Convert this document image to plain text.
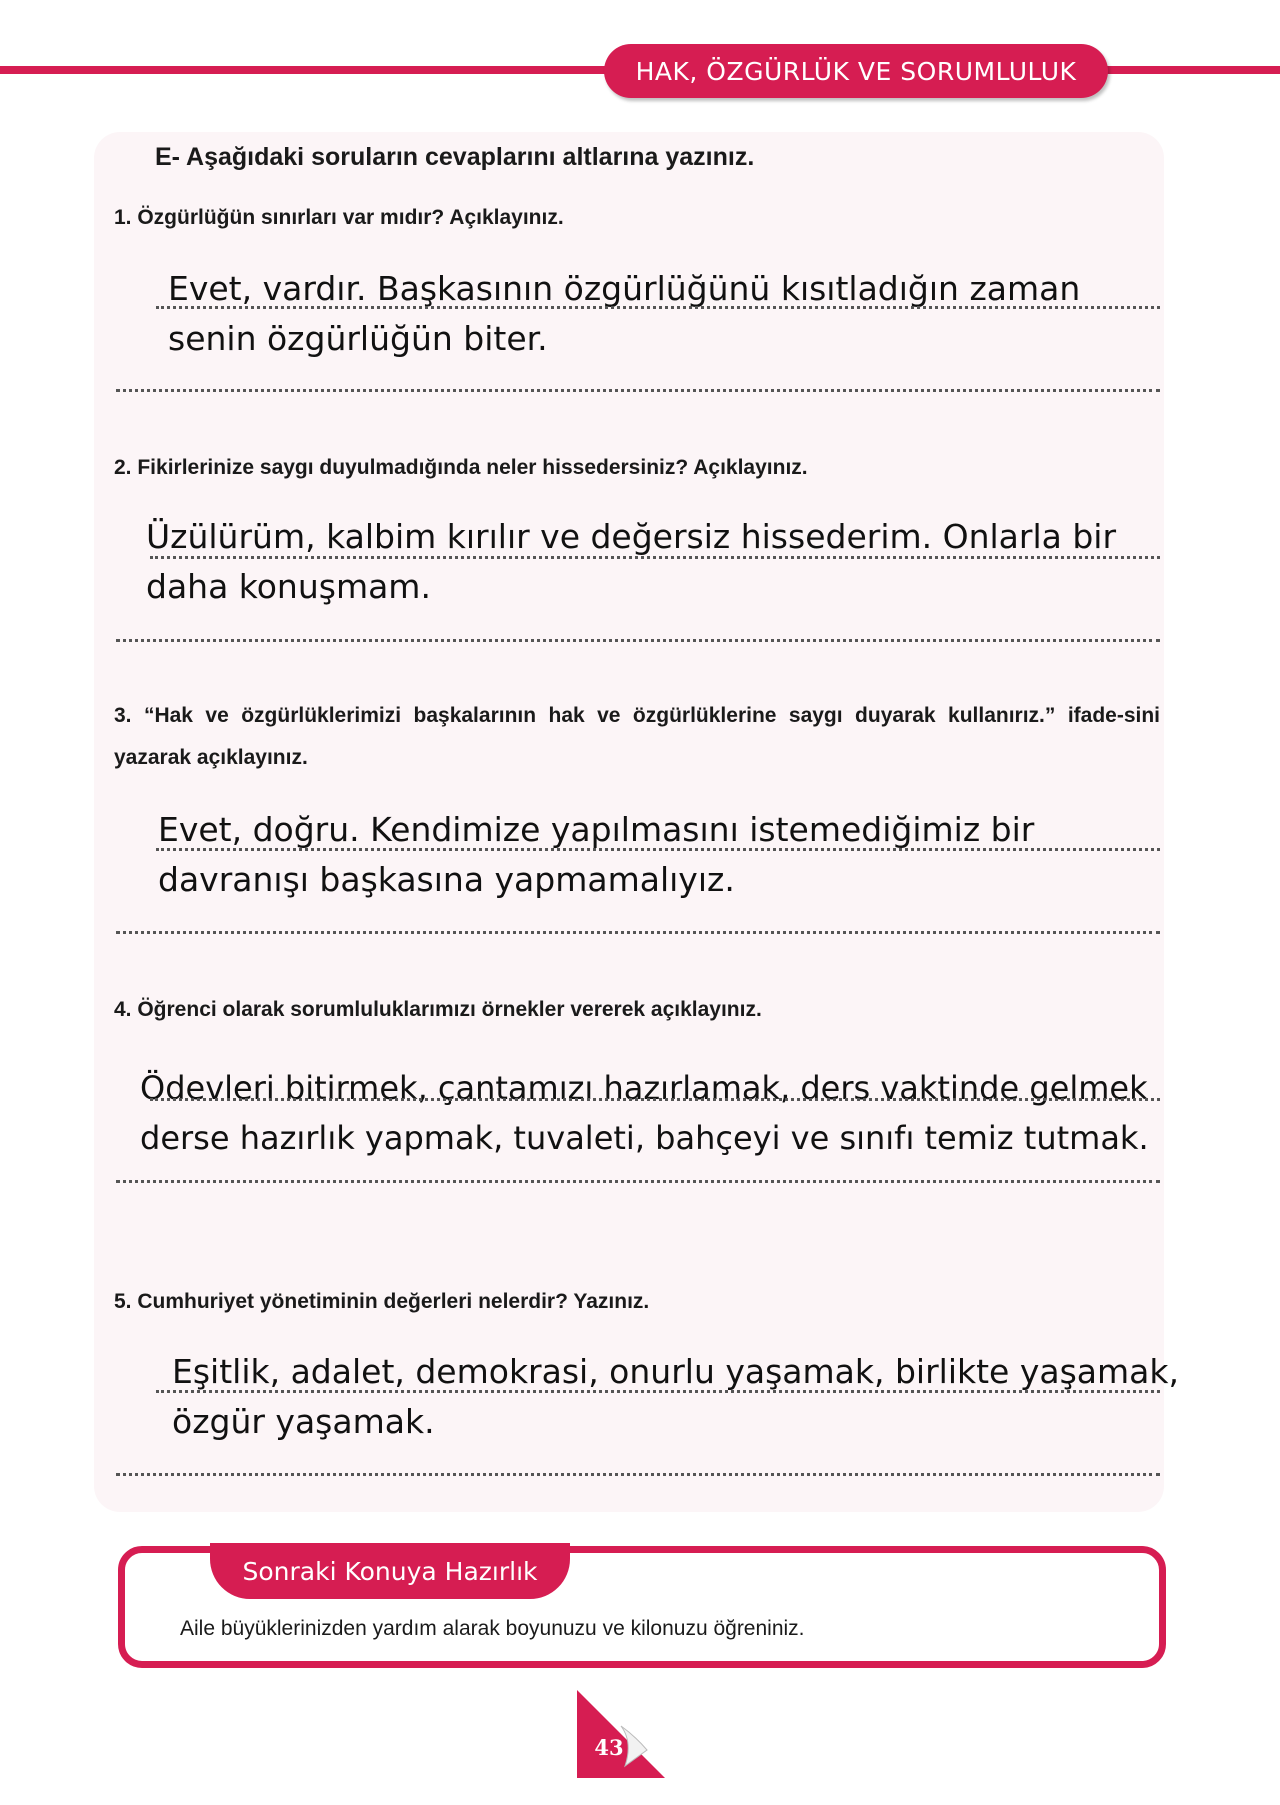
HAK, ÖZGÜRLÜK VE SORUMLULUK
E- Aşağıdaki soruların cevaplarını altlarına yazınız.
1. Özgürlüğün sınırları var mıdır? Açıklayınız.
Evet, vardır. Başkasının özgürlüğünü kısıtladığın zaman
senin özgürlüğün biter.
2. Fikirlerinize saygı duyulmadığında neler hissedersiniz? Açıklayınız.
Üzülürüm, kalbim kırılır ve değersiz hissederim. Onlarla bir
daha konuşmam.
3. “Hak ve özgürlüklerimizi başkalarının hak ve özgürlüklerine saygı duyarak kullanırız.” ifade-sini yazarak açıklayınız.
Evet, doğru. Kendimize yapılmasını istemediğimiz bir
davranışı başkasına yapmamalıyız.
4. Öğrenci olarak sorumluluklarımızı örnekler vererek açıklayınız.
Ödevleri bitirmek, çantamızı hazırlamak, ders vaktinde gelmek
derse hazırlık yapmak, tuvaleti, bahçeyi ve sınıfı temiz tutmak.
5. Cumhuriyet yönetiminin değerleri nelerdir? Yazınız.
Eşitlik, adalet, demokrasi, onurlu yaşamak, birlikte yaşamak,
özgür yaşamak.
Sonraki Konuya Hazırlık
Aile büyüklerinizden yardım alarak boyunuzu ve kilonuzu öğreniniz.
43
